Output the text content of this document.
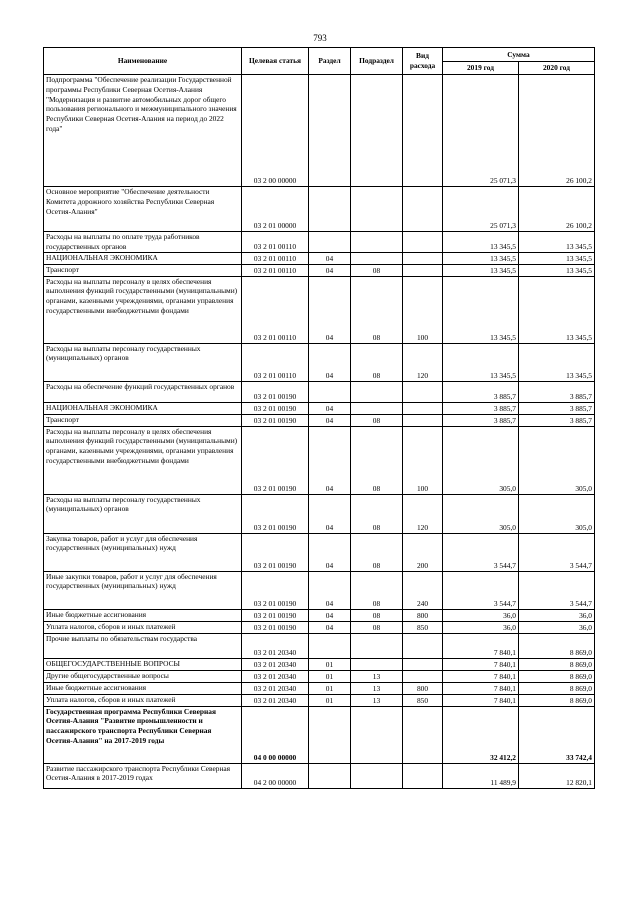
793
Наименование	Целевая статья	Раздел	Подраздел	Вид расхода	Сумма	
					2019 год	2020 год
Подпрограмма "Обеспечение реализации Государственной программы Республики Северная Осетия-Алания "Модернизация и развитие автомобильных дорог общего пользования регионального и межмуниципального значения Республики Северная Осетия-Алания на период до 2022 года"	03 2 00 00000				25 071,3	26 100,2
Основное мероприятие "Обеспечение деятельности Комитета дорожного хозяйства Республики Северная Осетия-Алания"	03 2 01 00000				25 071,3	26 100,2
Расходы на выплаты по оплате труда работников государственных органов	03 2 01 00110				13 345,5	13 345,5
НАЦИОНАЛЬНАЯ ЭКОНОМИКА	03 2 01 00110	04			13 345,5	13 345,5
Транспорт	03 2 01 00110	04	08		13 345,5	13 345,5
Расходы на выплаты персоналу в целях обеспечения выполнения функций государственными (муниципальными) органами, казенными учреждениями, органами управления государственными внебюджетными фондами	03 2 01 00110	04	08	100	13 345,5	13 345,5
Расходы на выплаты персоналу государственных (муниципальных) органов	03 2 01 00110	04	08	120	13 345,5	13 345,5
Расходы на обеспечение функций государственных органов	03 2 01 00190				3 885,7	3 885,7
НАЦИОНАЛЬНАЯ ЭКОНОМИКА	03 2 01 00190	04			3 885,7	3 885,7
Транспорт	03 2 01 00190	04	08		3 885,7	3 885,7
Расходы на выплаты персоналу в целях обеспечения выполнения функций государственными (муниципальными) органами, казенными учреждениями, органами управления государственными внебюджетными фондами	03 2 01 00190	04	08	100	305,0	305,0
Расходы на выплаты персоналу государственных (муниципальных) органов	03 2 01 00190	04	08	120	305,0	305,0
Закупка товаров, работ и услуг для обеспечения государственных (муниципальных) нужд	03 2 01 00190	04	08	200	3 544,7	3 544,7
Иные закупки товаров, работ и услуг для обеспечения государственных (муниципальных) нужд	03 2 01 00190	04	08	240	3 544,7	3 544,7
Иные бюджетные ассигнования	03 2 01 00190	04	08	800	36,0	36,0
Уплата налогов, сборов и иных платежей	03 2 01 00190	04	08	850	36,0	36,0
Прочие выплаты по обязательствам государства	03 2 01 20340				7 840,1	8 869,0
ОБЩЕГОСУДАРСТВЕННЫЕ ВОПРОСЫ	03 2 01 20340	01			7 840,1	8 869,0
Другие общегосударственные вопросы	03 2 01 20340	01	13		7 840,1	8 869,0
Иные бюджетные ассигнования	03 2 01 20340	01	13	800	7 840,1	8 869,0
Уплата налогов, сборов и иных платежей	03 2 01 20340	01	13	850	7 840,1	8 869,0
Государственная программа Республики Северная Осетия-Алания "Развитие промышленности и пассажирского транспорта Республики Северная Осетия-Алания" на 2017-2019 годы	04 0 00 00000				32 412,2	33 742,4
Развитие пассажирского транспорта Республики Северная Осетия-Алания в 2017-2019 годах	04 2 00 00000				11 489,9	12 820,1
